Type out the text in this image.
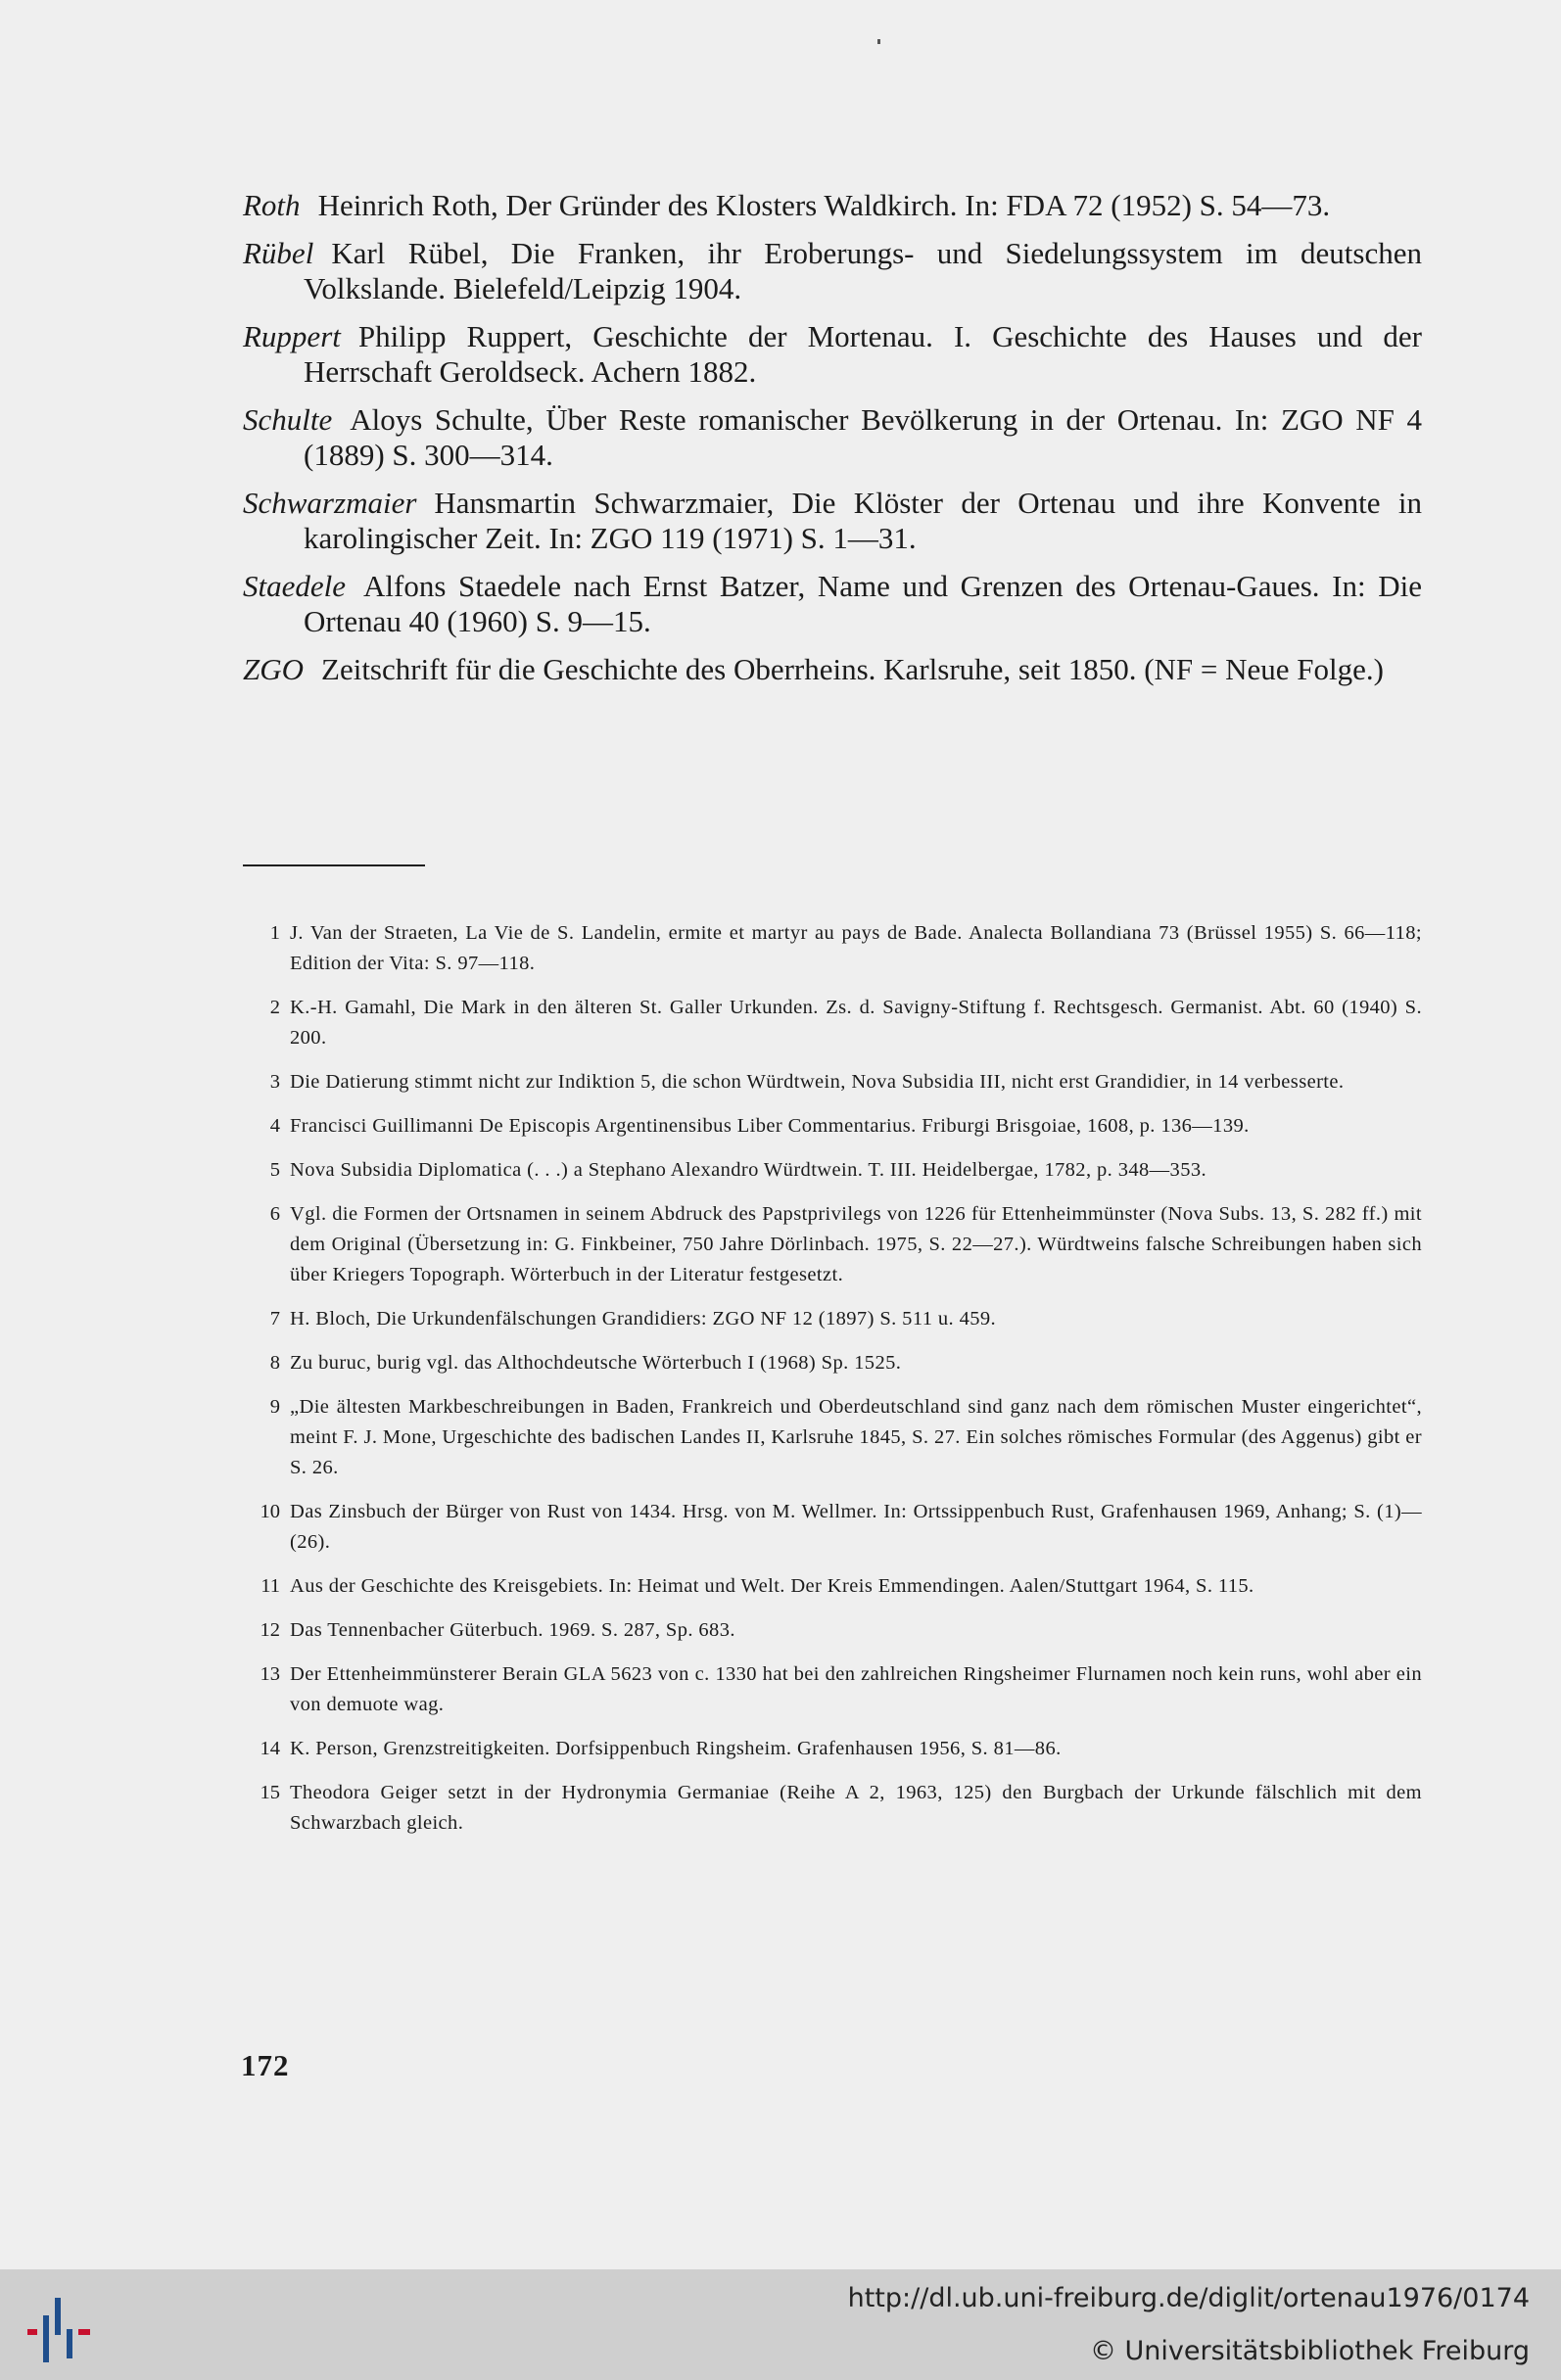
Roth Heinrich Roth, Der Gründer des Klosters Waldkirch. In: FDA 72 (1952) S. 54—73.
Rübel Karl Rübel, Die Franken, ihr Eroberungs- und Siedelungssystem im deutschen Volkslande. Bielefeld/Leipzig 1904.
Ruppert Philipp Ruppert, Geschichte der Mortenau. I. Geschichte des Hauses und der Herrschaft Geroldseck. Achern 1882.
Schulte Aloys Schulte, Über Reste romanischer Bevölkerung in der Ortenau. In: ZGO NF 4 (1889) S. 300—314.
Schwarzmaier Hansmartin Schwarzmaier, Die Klöster der Ortenau und ihre Konvente in karolingischer Zeit. In: ZGO 119 (1971) S. 1—31.
Staedele Alfons Staedele nach Ernst Batzer, Name und Grenzen des Ortenau-Gaues. In: Die Ortenau 40 (1960) S. 9—15.
ZGO Zeitschrift für die Geschichte des Oberrheins. Karlsruhe, seit 1850. (NF = Neue Folge.)
1 J. Van der Straeten, La Vie de S. Landelin, ermite et martyr au pays de Bade. Analecta Bollandiana 73 (Brüssel 1955) S. 66—118; Edition der Vita: S. 97—118.
2 K.-H. Gamahl, Die Mark in den älteren St. Galler Urkunden. Zs. d. Savigny-Stiftung f. Rechtsgesch. Germanist. Abt. 60 (1940) S. 200.
3 Die Datierung stimmt nicht zur Indiktion 5, die schon Würdtwein, Nova Subsidia III, nicht erst Grandidier, in 14 verbesserte.
4 Francisci Guillimanni De Episcopis Argentinensibus Liber Commentarius. Friburgi Brisgoiae, 1608, p. 136—139.
5 Nova Subsidia Diplomatica (. . .) a Stephano Alexandro Würdtwein. T. III. Heidelbergae, 1782, p. 348—353.
6 Vgl. die Formen der Ortsnamen in seinem Abdruck des Papstprivilegs von 1226 für Ettenheimmünster (Nova Subs. 13, S. 282 ff.) mit dem Original (Übersetzung in: G. Finkbeiner, 750 Jahre Dörlinbach. 1975, S. 22—27.). Würdtweins falsche Schreibungen haben sich über Kriegers Topograph. Wörterbuch in der Literatur festgesetzt.
7 H. Bloch, Die Urkundenfälschungen Grandidiers: ZGO NF 12 (1897) S. 511 u. 459.
8 Zu buruc, burig vgl. das Althochdeutsche Wörterbuch I (1968) Sp. 1525.
9 „Die ältesten Markbeschreibungen in Baden, Frankreich und Oberdeutschland sind ganz nach dem römischen Muster eingerichtet“, meint F. J. Mone, Urgeschichte des badischen Landes II, Karlsruhe 1845, S. 27. Ein solches römisches Formular (des Aggenus) gibt er S. 26.
10 Das Zinsbuch der Bürger von Rust von 1434. Hrsg. von M. Wellmer. In: Ortssippenbuch Rust, Grafenhausen 1969, Anhang; S. (1)—(26).
11 Aus der Geschichte des Kreisgebiets. In: Heimat und Welt. Der Kreis Emmendingen. Aalen/Stuttgart 1964, S. 115.
12 Das Tennenbacher Güterbuch. 1969. S. 287, Sp. 683.
13 Der Ettenheimmünsterer Berain GLA 5623 von c. 1330 hat bei den zahlreichen Ringsheimer Flurnamen noch kein runs, wohl aber ein von demuote wag.
14 K. Person, Grenzstreitigkeiten. Dorfsippenbuch Ringsheim. Grafenhausen 1956, S. 81—86.
15 Theodora Geiger setzt in der Hydronymia Germaniae (Reihe A 2, 1963, 125) den Burgbach der Urkunde fälschlich mit dem Schwarzbach gleich.
172
http://dl.ub.uni-freiburg.de/diglit/ortenau1976/0174
© Universitätsbibliothek Freiburg
